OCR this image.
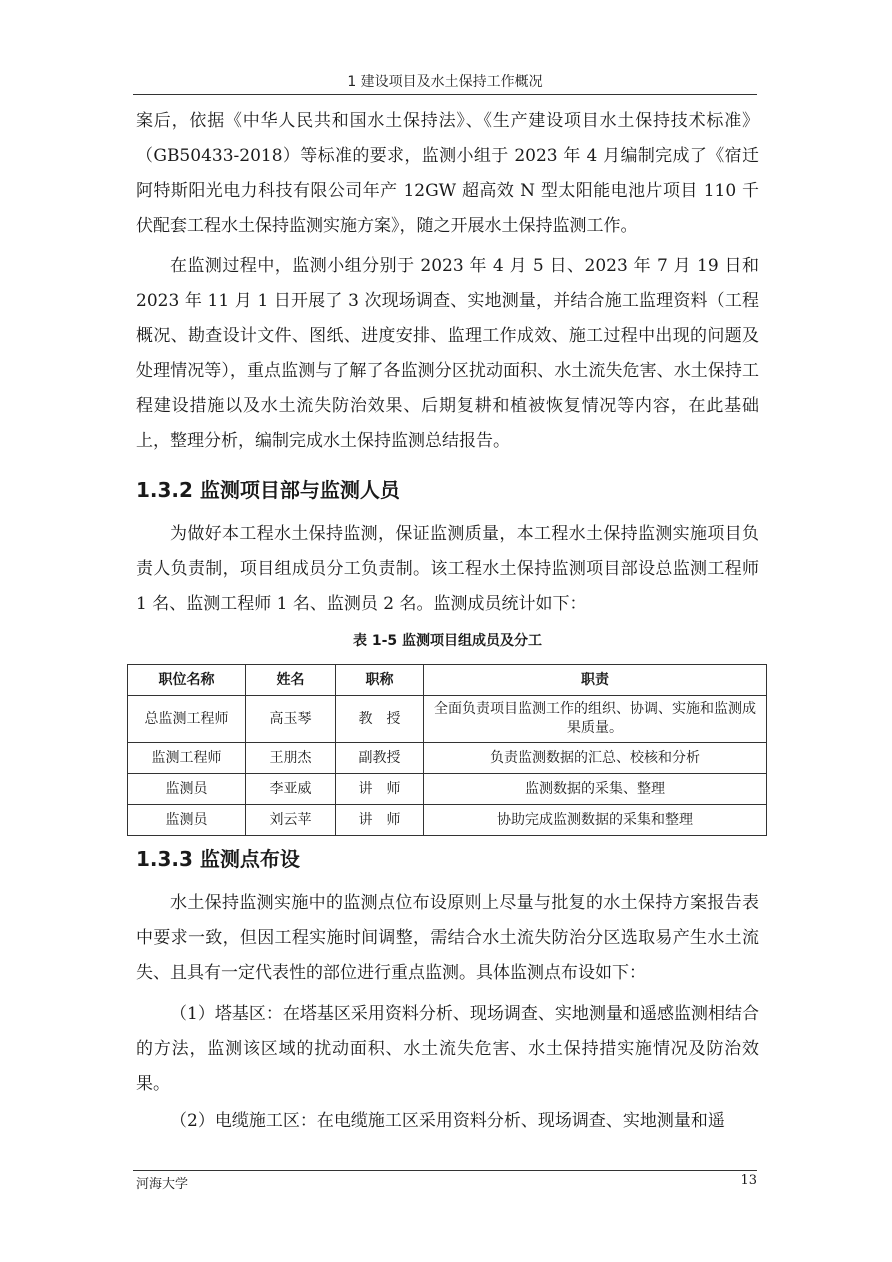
1 建设项目及水土保持工作概况

案后，依据《中华人民共和国水土保持法》、《生产建设项目水土保持技术标准》（GB50433-2018）等标准的要求，监测小组于 2023 年 4 月编制完成了《宿迁阿特斯阳光电力科技有限公司年产 12GW 超高效 N 型太阳能电池片项目 110 千伏配套工程水土保持监测实施方案》，随之开展水土保持监测工作。

在监测过程中，监测小组分别于 2023 年 4 月 5 日、2023 年 7 月 19 日和 2023 年 11 月 1 日开展了 3 次现场调查、实地测量，并结合施工监理资料（工程概况、勘查设计文件、图纸、进度安排、监理工作成效、施工过程中出现的问题及处理情况等），重点监测与了解了各监测分区扰动面积、水土流失危害、水土保持工程建设措施以及水土流失防治效果、后期复耕和植被恢复情况等内容，在此基础上，整理分析，编制完成水土保持监测总结报告。

1.3.2 监测项目部与监测人员

为做好本工程水土保持监测，保证监测质量，本工程水土保持监测实施项目负责人负责制，项目组成员分工负责制。该工程水土保持监测项目部设总监测工程师 1 名、监测工程师 1 名、监测员 2 名。监测成员统计如下：

表 1-5 监测项目组成员及分工
职位名称	姓名	职称	职责
总监测工程师	高玉琴	教　授	全面负责项目监测工作的组织、协调、实施和监测成果质量。
监测工程师	王朋杰	副教授	负责监测数据的汇总、校核和分析
监测员	李亚威	讲　师	监测数据的采集、整理
监测员	刘云苹	讲　师	协助完成监测数据的采集和整理
1.3.3 监测点布设

水土保持监测实施中的监测点位布设原则上尽量与批复的水土保持方案报告表中要求一致，但因工程实施时间调整，需结合水土流失防治分区选取易产生水土流失、且具有一定代表性的部位进行重点监测。具体监测点布设如下：

（1）塔基区：在塔基区采用资料分析、现场调查、实地测量和遥感监测相结合的方法，监测该区域的扰动面积、水土流失危害、水土保持措实施情况及防治效果。

（2）电缆施工区：在电缆施工区采用资料分析、现场调查、实地测量和遥

河海大学	13
